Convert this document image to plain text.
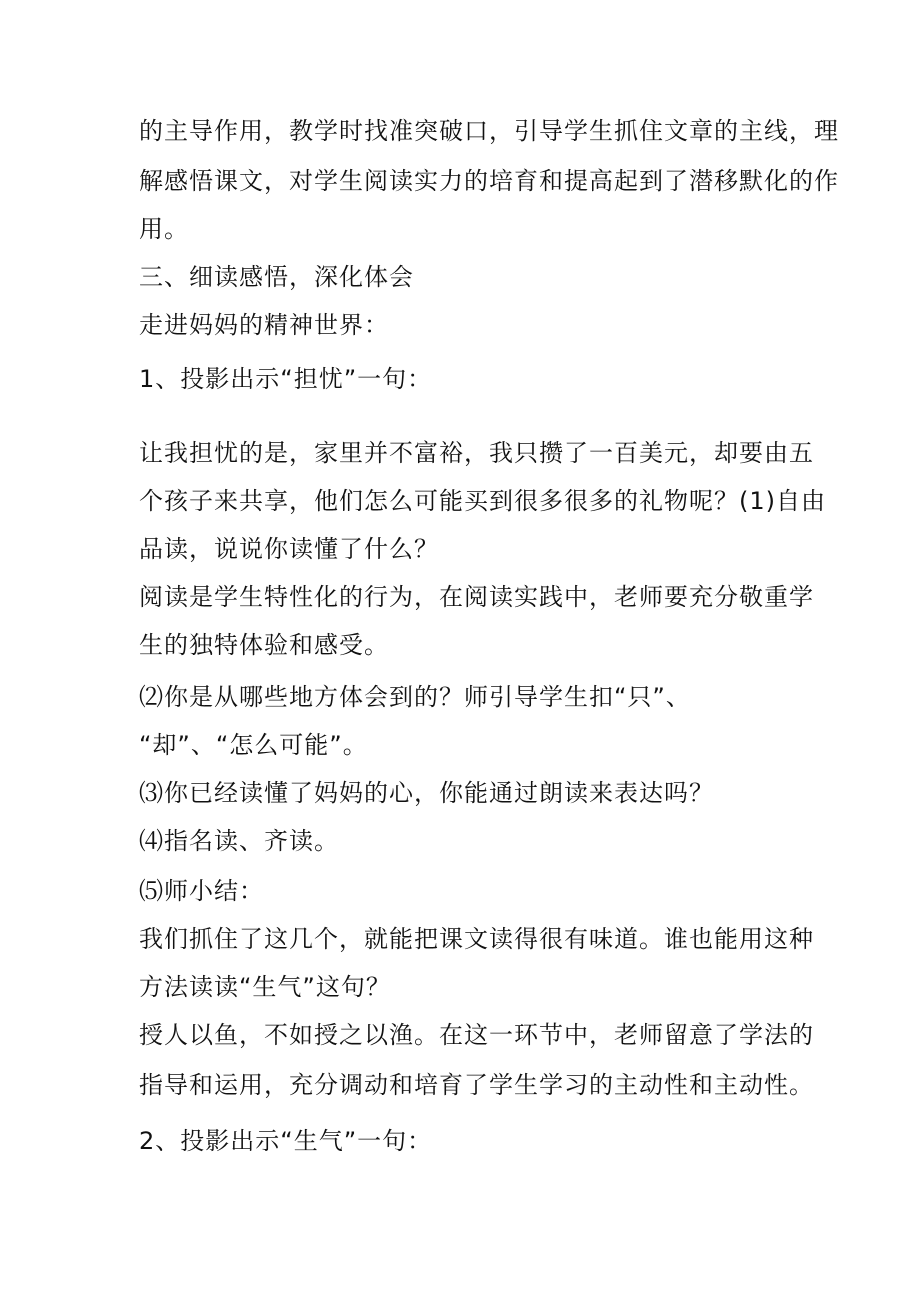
的主导作用，教学时找准突破口，引导学生抓住文章的主线，理
解感悟课文，对学生阅读实力的培育和提高起到了潜移默化的作
用。
三、细读感悟，深化体会
走进妈妈的精神世界：
1、投影出示“担忧”一句：
让我担忧的是，家里并不富裕，我只攒了一百美元，却要由五
个孩子来共享，他们怎么可能买到很多很多的礼物呢？(1)自由
品读，说说你读懂了什么？
阅读是学生特性化的行为，在阅读实践中，老师要充分敬重学
生的独特体验和感受。
⑵你是从哪些地方体会到的？师引导学生扣“只”、
“却”、“怎么可能”。
⑶你已经读懂了妈妈的心，你能通过朗读来表达吗？
⑷指名读、齐读。
⑸师小结：
我们抓住了这几个，就能把课文读得很有味道。谁也能用这种
方法读读“生气”这句？
授人以鱼，不如授之以渔。在这一环节中，老师留意了学法的
指导和运用，充分调动和培育了学生学习的主动性和主动性。
2、投影出示“生气”一句：
